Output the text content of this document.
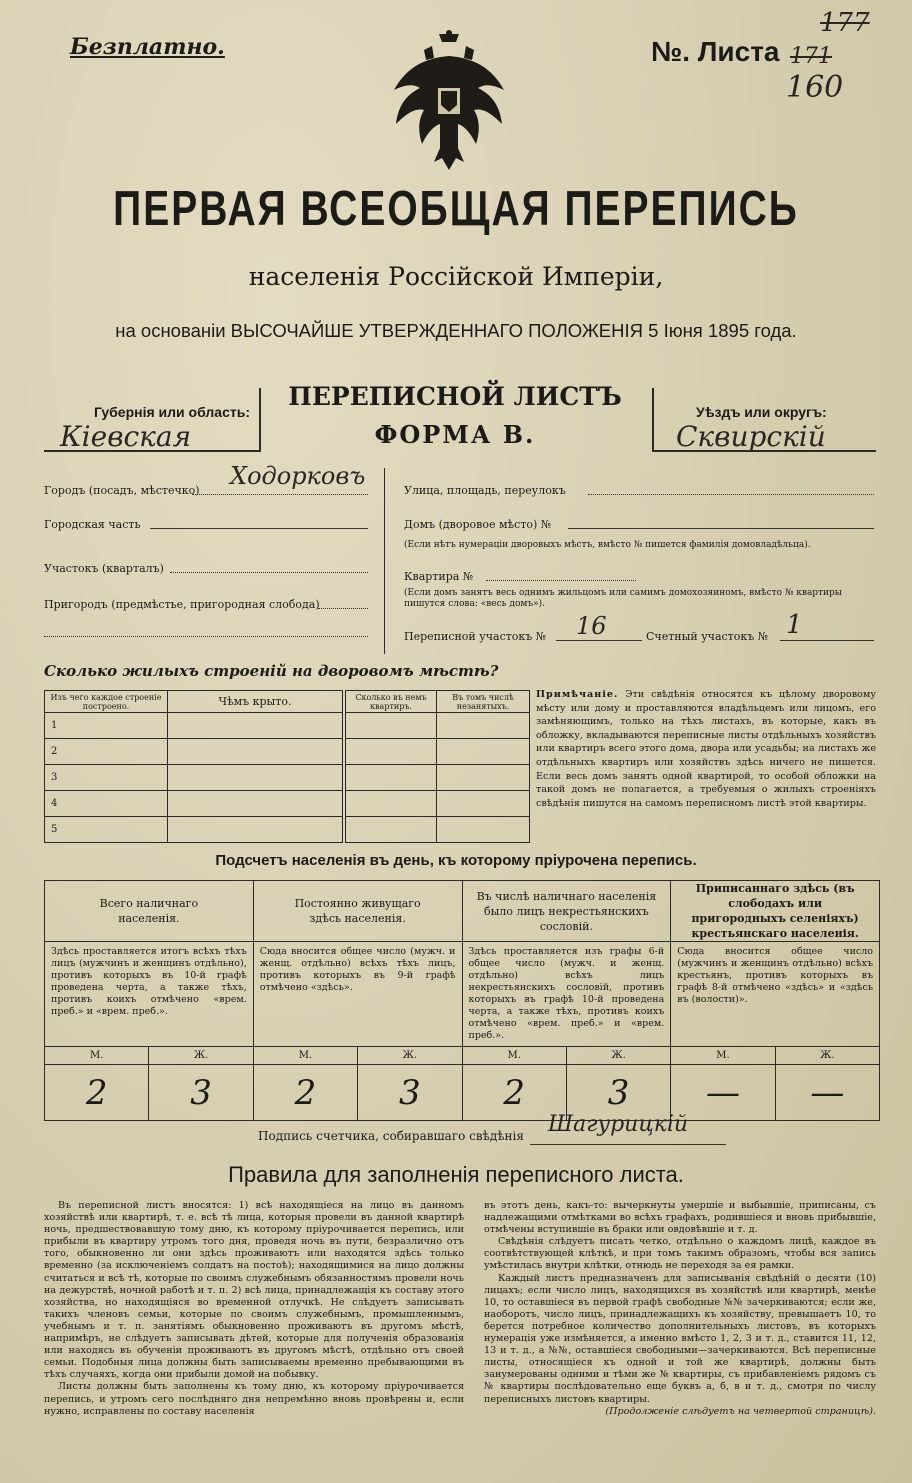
Безплатно.	№. Листа 171
177
160
ПЕРВАЯ ВСЕОБЩАЯ ПЕРЕПИСЬ
населенія Россійской Имперіи,
на основаніи ВЫСОЧАЙШЕ УТВЕРЖДЕННАГО ПОЛОЖЕНІЯ 5 Іюня 1895 года.
Губернія или область:
Кіевская
ПЕРЕПИСНОЙ ЛИСТЪ
ФОРМА В.
Уѣздъ или округъ:
Сквирскій
Городъ (посадъ, мѣстечко)
Ходорковъ
Городская часть
Участокъ (кварталъ)
Пригородъ (предмѣстье, пригородная слобода)
Улица, площадь, переулокъ
Домъ (дворовое мѣсто) №
(Если нѣтъ нумераціи дворовыхъ мѣстъ, вмѣсто № пишется фамилія домовладѣльца).
Квартира №
(Если домъ занятъ весь однимъ жильцомъ или самимъ домохозяиномъ, вмѣсто № квартиры пишутся слова: «весь домъ»).
Переписной участокъ № 16	Счетный участокъ № 1
Сколько жилыхъ строеній на дворовомъ мѣстѣ?
Изъ чего каждое строеніе построено.	Чѣмъ крыто.	Сколько въ немъ квартиръ.	Въ томъ числѣ незанятыхъ.
1			
2			
3			
4			
5			
Примѣчаніе. Эти свѣдѣнія относятся къ цѣлому дворовому мѣсту или дому и проставляются владѣльцемъ или лицомъ, его замѣняющимъ, только на тѣхъ листахъ, въ которые, какъ въ обложку, вкладываются переписные листы отдѣльныхъ хозяйствъ или квартиръ всего этого дома, двора или усадьбы; на листахъ же отдѣльныхъ квартиръ или хозяйствъ здѣсь ничего не пишется. Если весь домъ занятъ одной квартирой, то особой обложки на такой домъ не полагается, а требуемыя о жилыхъ строеніяхъ свѣдѣнія пишутся на самомъ переписномъ листѣ этой квартиры.
Подсчетъ населенія въ день, къ которому пріурочена перепись.
Всего наличнаго населенія.		Постоянно живущаго здѣсь населенія.		Въ числѣ наличнаго населенія было лицъ некрестьянскихъ сословій.		Приписаннаго здѣсь (въ слободахъ или пригородныхъ селеніяхъ) крестьянскаго населенія.	
Здѣсь проставляется итогъ всѣхъ тѣхъ лицъ (мужчинъ и женщинъ отдѣльно), противъ которыхъ въ 10-й графѣ проведена черта, а также тѣхъ, противъ коихъ отмѣчено «врем. преб.» и «врем. преб.».		Сюда вносится общее число (мужч. и женщ. отдѣльно) всѣхъ тѣхъ лицъ, противъ которыхъ въ 9-й графѣ отмѣчено «здѣсь».		Здѣсь проставляется изъ графы 6-й общее число (мужч. и женщ. отдѣльно) всѣхъ лицъ некрестьянскихъ сословій, противъ которыхъ въ графѣ 10-й проведена черта, а также тѣхъ, противъ коихъ отмѣчено «врем. преб.» и «врем. преб.».		Сюда вносится общее число (мужчинъ и женщинъ отдѣльно) всѣхъ крестьянъ, противъ которыхъ въ графѣ 8-й отмѣчено «здѣсь» и «здѣсь въ (волости)».	
М.	Ж.	М.	Ж.	М.	Ж.	М.	Ж.
2	3	2	3	2	3	—	—
Подпись счетчика, собиравшаго свѣдѣнія Шагурицкій
Правила для заполненія переписного листа.

Въ переписной листъ вносятся: 1) всѣ находящіеся на лицо въ данномъ хозяйствѣ или квартирѣ, т. е. всѣ тѣ лица, которыя провели въ данной квартирѣ ночь, предшествовавшую тому дню, къ которому пріурочивается перепись, или прибыли въ квартиру утромъ того дня, проведя ночь въ пути, безразлично отъ того, обыкновенно ли они здѣсь проживаютъ или находятся здѣсь только временно (за исключеніемъ солдатъ на постоѣ); находящимися на лицо должны считаться и всѣ тѣ, которые по своимъ служебнымъ обязанностямъ провели ночь на дежурствѣ, ночной работѣ и т. п. 2) всѣ лица, принадлежащія къ составу этого хозяйства, но находящіяся во временной отлучкѣ. Не слѣдуетъ записывать такихъ членовъ семьи, которые по своимъ служебнымъ, промышленнымъ, учебнымъ и т. п. занятіямъ обыкновенно проживаютъ въ другомъ мѣстѣ, напримѣръ, не слѣдуетъ записывать дѣтей, которые для полученія образованія или находясь въ обученіи проживаютъ въ другомъ мѣстѣ, отдѣльно отъ своей семьи. Подобныя лица должны быть записываемы временно пребывающими въ тѣхъ случаяхъ, когда они прибыли домой на побывку.

Листы должны быть заполнены къ тому дню, къ которому пріурочивается перепись, и утромъ сего послѣдняго дня непремѣнно вновь провѣрены и, если нужно, исправлены по составу населенія

въ этотъ день, какъ-то: вычеркнуты умершіе и выбывшіе, приписаны, съ надлежащими отмѣтками во всѣхъ графахъ, родившіеся и вновь прибывшіе, отмѣчены вступившіе въ браки или овдовѣвшіе и т. д.

Свѣдѣнія слѣдуетъ писать четко, отдѣльно о каждомъ лицѣ, каждое въ соотвѣтствующей клѣткѣ, и при томъ такимъ образомъ, чтобы вся запись умѣстилась внутри клѣтки, отнюдь не переходя за ея рамки.

Каждый листъ предназначенъ для записыванія свѣдѣній о десяти (10) лицахъ; если число лицъ, находящихся въ хозяйствѣ или квартирѣ, менѣе 10, то оставшіеся въ первой графѣ свободные №№ зачеркиваются; если же, наоборотъ, число лицъ, принадлежащихъ къ хозяйству, превышаетъ 10, то берется потребное количество дополнительныхъ листовъ, въ которыхъ нумерація уже измѣняется, а именно вмѣсто 1, 2, 3 и т. д., ставится 11, 12, 13 и т. д., а №№, оставшіеся свободными—зачеркиваются. Всѣ переписные листы, относящіеся къ одной и той же квартирѣ, должны быть занумерованы одними и тѣми же № квартиры, съ прибавленіемъ рядомъ съ № квартиры послѣдовательно еще буквъ а, б, в и т. д., смотря по числу переписныхъ листовъ квартиры.

(Продолженіе слѣдуетъ на четвертой страницѣ).
